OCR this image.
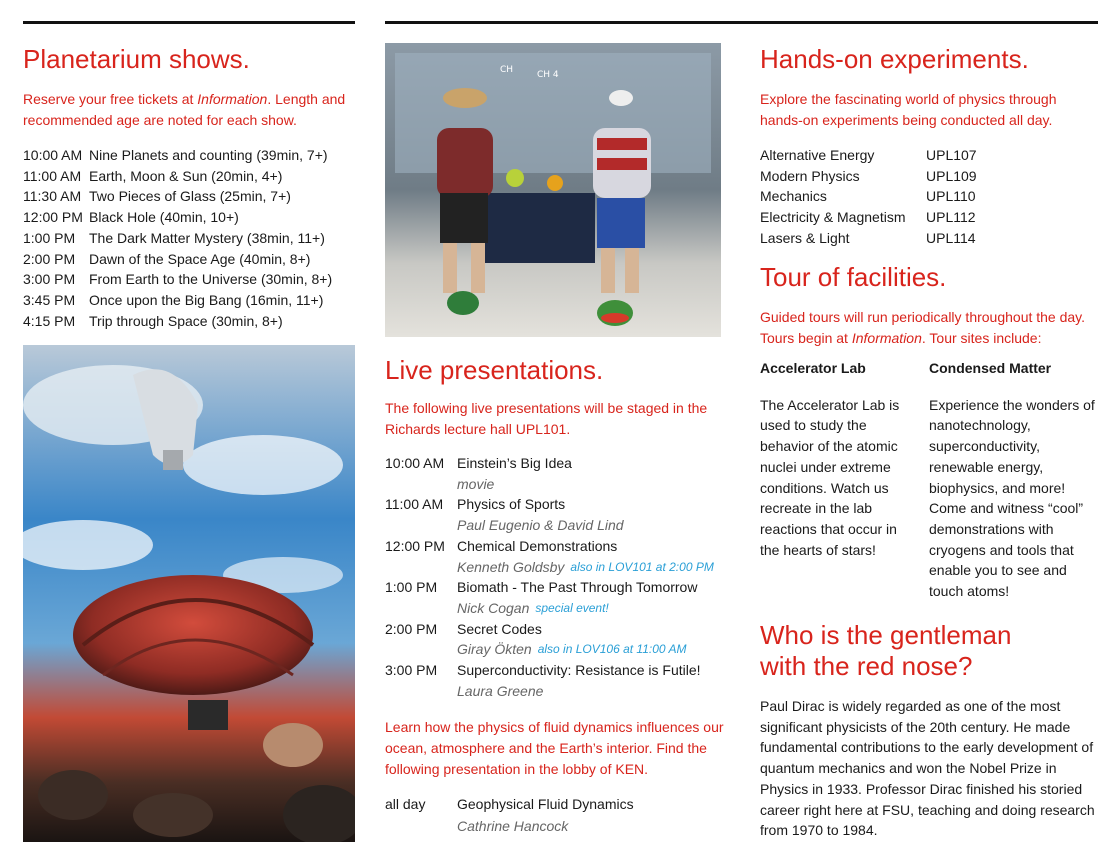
Planetarium shows.

Reserve your free tickets at Information. Length and recommended age are noted for each show.

10:00 AM Nine Planets and counting (39min, 7+)
11:00 AM Earth, Moon & Sun (20min, 4+)
11:30 AM Two Pieces of Glass (25min, 7+)
12:00 PM Black Hole (40min, 10+)
1:00 PM The Dark Matter Mystery (38min, 11+)
2:00 PM Dawn of the Space Age (40min, 8+)
3:00 PM From Earth to the Universe (30min, 8+)
3:45 PM Once upon the Big Bang (16min, 11+)
4:15 PM Trip through Space (30min, 8+)
CH	CH 4
Live presentations.

The following live presentations will be staged in the Richards lecture hall UPL101.

10:00 AM Einstein’s Big Idea
movie
11:00 AM Physics of Sports
Paul Eugenio & David Lind
12:00 PM Chemical Demonstrations
Kenneth Goldsby also in LOV101 at 2:00 PM
1:00 PM	Biomath - The Past Through Tomorrow
Nick Cogan special event!
2:00 PM	Secret Codes
Giray Ökten also in LOV106 at 11:00 AM
3:00 PM	Superconductivity: Resistance is Futile!
Laura Greene

Learn how the physics of fluid dynamics influences our ocean, atmosphere and the Earth’s interior. Find the following presentation in the lobby of KEN.

all day	Geophysical Fluid Dynamics
Cathrine Hancock
Hands-on experiments.

Explore the fascinating world of physics through hands-on experiments being conducted all day.

Alternative Energy	UPL107
Modern Physics	UPL109
Mechanics	UPL110
Electricity & Magnetism	UPL112
Lasers & Light	UPL114
Tour of facilities.

Guided tours will run periodically throughout the day. Tours begin at Information. Tour sites include:

Accelerator Lab
The Accelerator Lab is used to study the behavior of the atomic nuclei under extreme conditions. Watch us recreate in the lab reactions that occur in the hearts of stars!
Condensed Matter
Experience the wonders of nanotechnology, superconductivity, renewable energy, biophysics, and more! Come and witness “cool” demonstrations with cryogens and tools that enable you to see and touch atoms!
Who is the gentleman
with the red nose?

Paul Dirac is widely regarded as one of the most significant physicists of the 20th century. He made fundamental contributions to the early development of quantum mechanics and won the Nobel Prize in Physics in 1933. Professor Dirac finished his storied career right here at FSU, teaching and doing research from 1970 to 1984.
